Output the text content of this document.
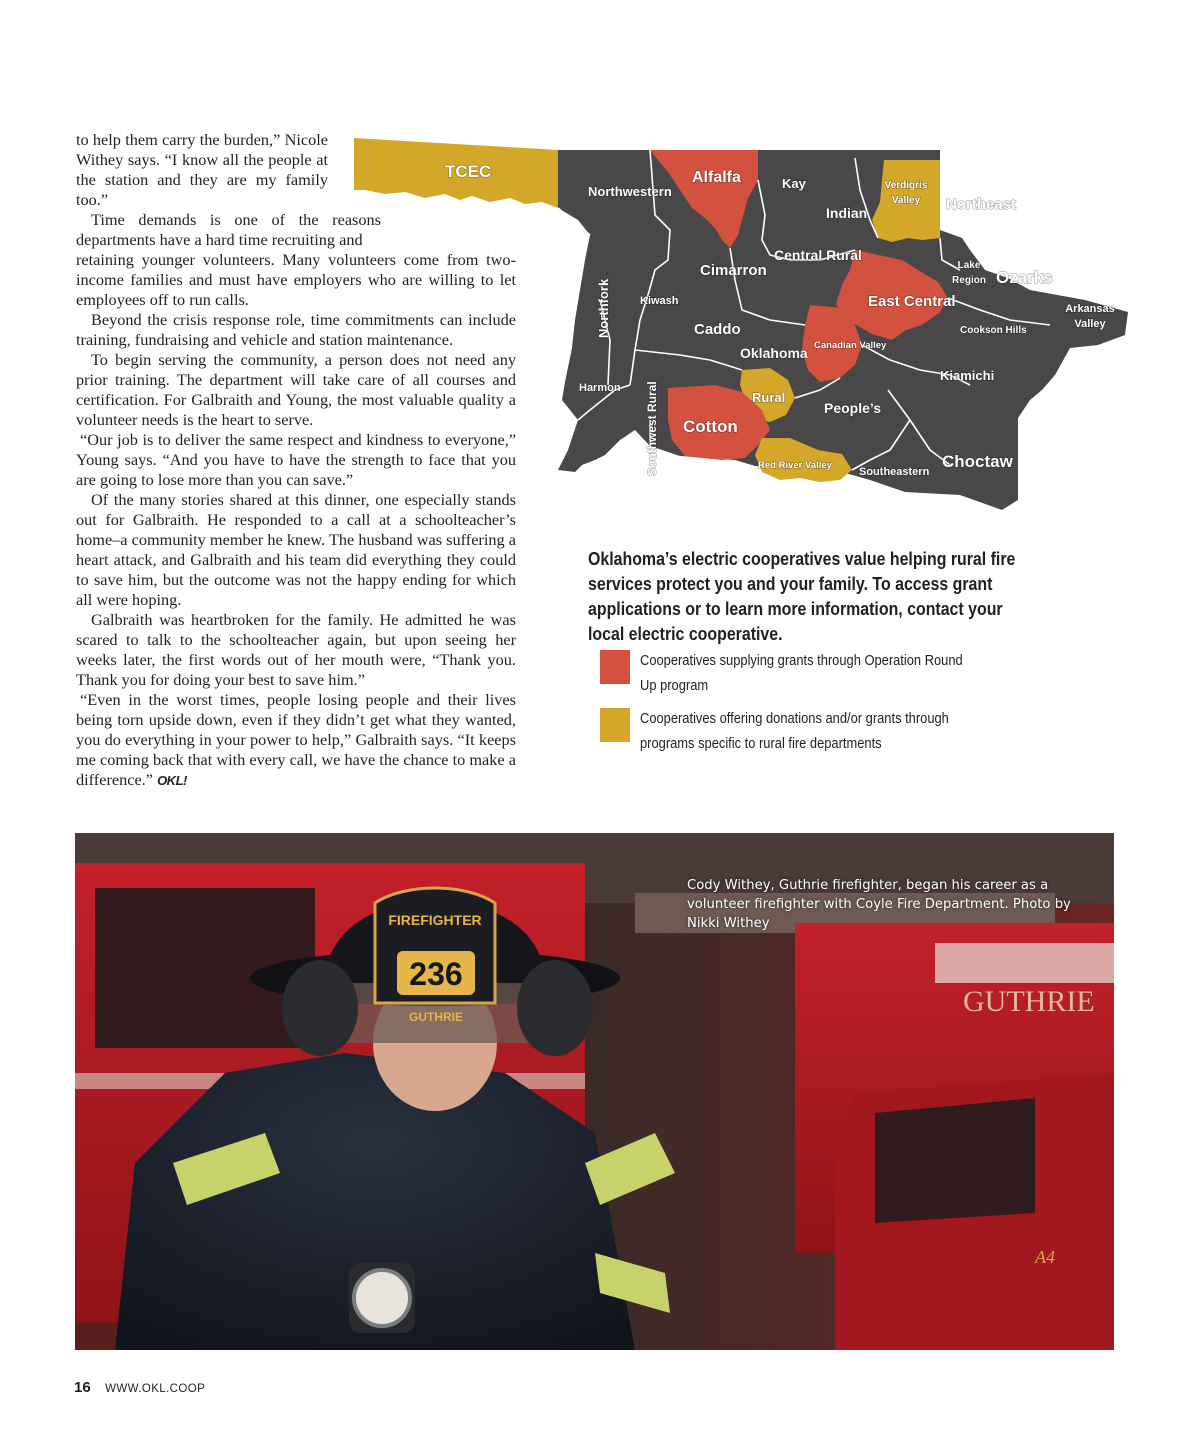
to help them carry the burden,” Nicole Withey says. “I know all the people at the station and they are my family too.”

Time demands is one of the reasons departments have a hard time recruiting and

retaining younger volunteers. Many volunteers come from two-income families and must have employers who are willing to let employees off to run calls.

Beyond the crisis response role, time commitments can include training, fundraising and vehicle and station maintenance.

To begin serving the community, a person does not need any prior training. The department will take care of all courses and certification. For Galbraith and Young, the most valuable quality a volunteer needs is the heart to serve.

“Our job is to deliver the same respect and kindness to everyone,” Young says. “And you have to have the strength to face that you are going to lose more than you can save.”

Of the many stories shared at this dinner, one especially stands out for Galbraith. He responded to a call at a schoolteacher’s home–a community member he knew. The husband was suffering a heart attack, and Galbraith and his team did everything they could to save him, but the outcome was not the happy ending for which all were hoping.

Galbraith was heartbroken for the family. He admitted he was scared to talk to the schoolteacher again, but upon seeing her weeks later, the first words out of her mouth were, “Thank you. Thank you for doing your best to save him.”

“Even in the worst times, people losing people and their lives being torn upside down, even if they didn’t get what they wanted, you do everything in your power to help,” Galbraith says. “It keeps me coming back that with every call, we have the chance to make a difference.” OKL!

TCEC
Northwestern
Alfalfa	Kay	Verdigris Valley	Northeast
Indian
Central Rural
Cimarron	Lake Region Ozarks
Kiwash
Northfork	East Central	Arkansas Valley
Caddo	Cookson Hills
Canadian Valley
Oklahoma
Harmon
Kiamichi
Rural
Southwest Rural	People’s
Cotton
Choctaw
Red River Valley
Southeastern
Oklahoma’s electric cooperatives value helping rural fire services protect you and your family. To access grant applications or to learn more information, contact your local electric cooperative.
Cooperatives supplying grants through Operation Round Up program
Cooperatives offering donations and/or grants through programs specific to rural fire departments
GUTHRIE
A4
FIREFIGHTER
236
GUTHRIE
Cody Withey, Guthrie firefighter, began his career as a volunteer firefighter with Coyle Fire Department. Photo by Nikki Withey
16 WWW.OKL.COOP
